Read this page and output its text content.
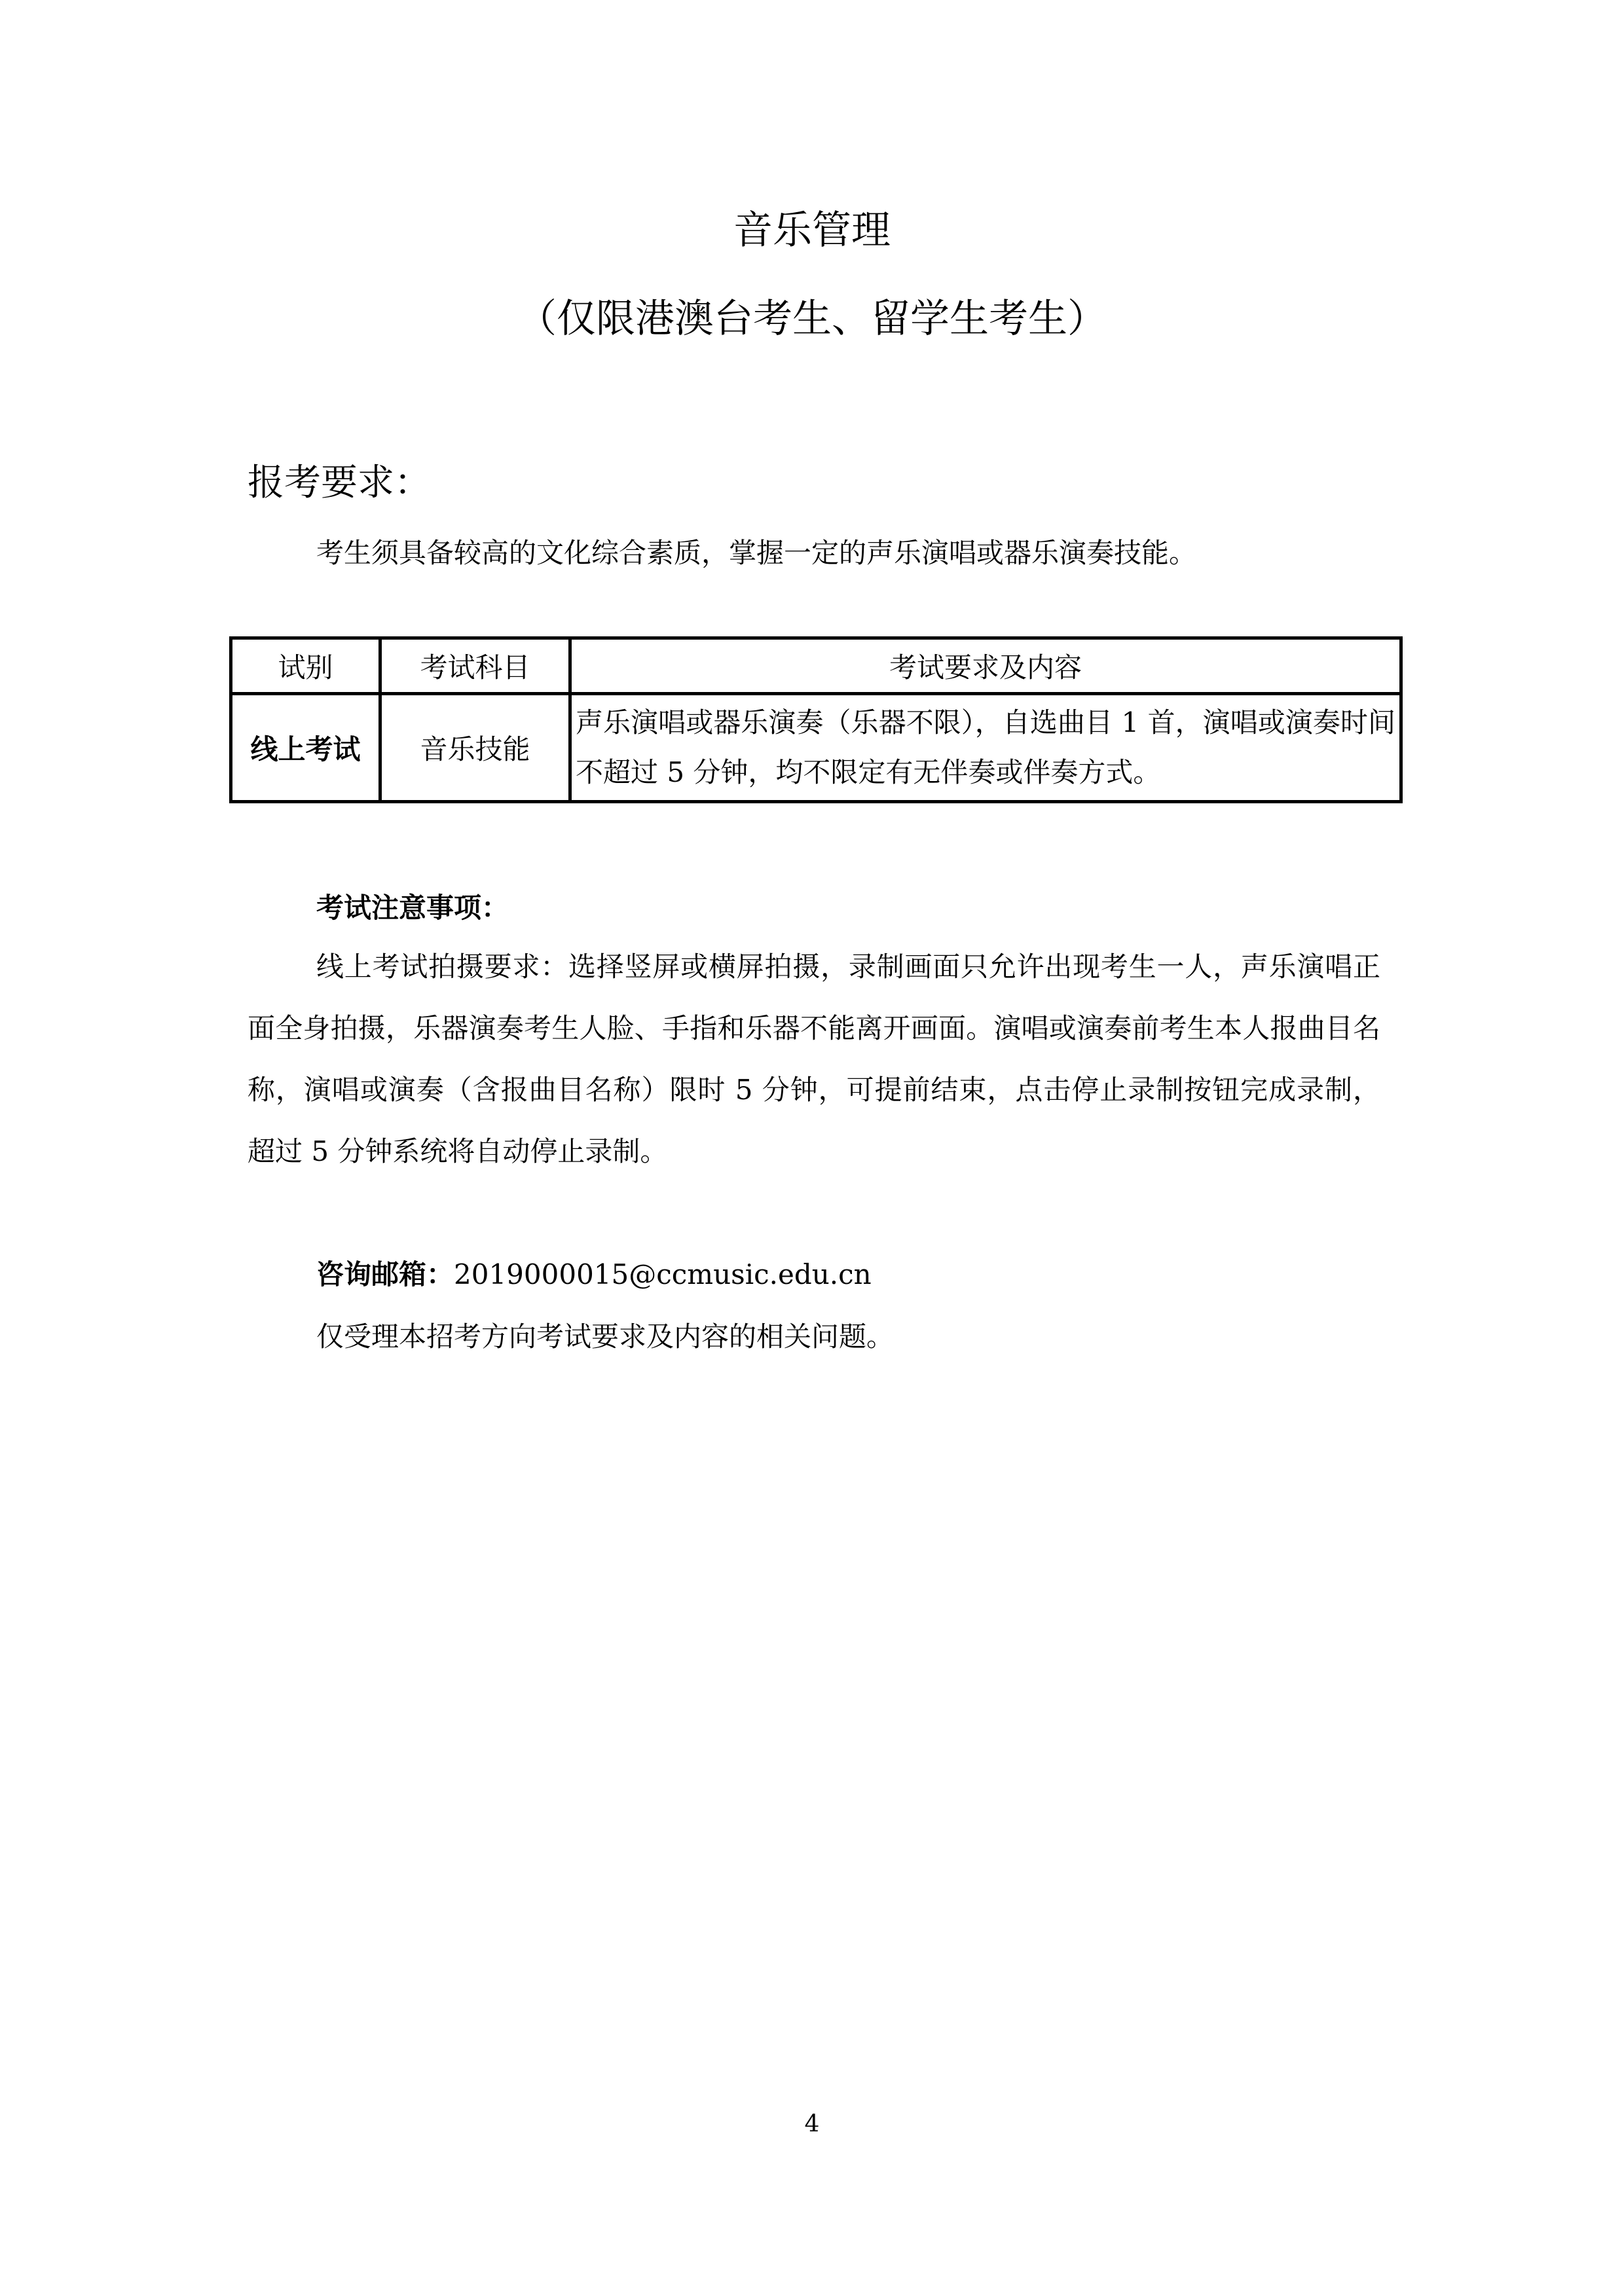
音乐管理
（仅限港澳台考生、留学生考生）
报考要求：

考生须具备较高的文化综合素质，掌握一定的声乐演唱或器乐演奏技能。

试别	考试科目	考试要求及内容
线上考试	音乐技能	声乐演唱或器乐演奏（乐器不限），自选曲目 1 首，演唱或演奏时间不超过 5 分钟，均不限定有无伴奏或伴奏方式。

考试注意事项：

线上考试拍摄要求：选择竖屏或横屏拍摄，录制画面只允许出现考生一人，声乐演唱正面全身拍摄，乐器演奏考生人脸、手指和乐器不能离开画面。演唱或演奏前考生本人报曲目名称，演唱或演奏（含报曲目名称）限时 5 分钟，可提前结束，点击停止录制按钮完成录制，超过 5 分钟系统将自动停止录制。

咨询邮箱：2019000015@ccmusic.edu.cn

仅受理本招考方向考试要求及内容的相关问题。

4
